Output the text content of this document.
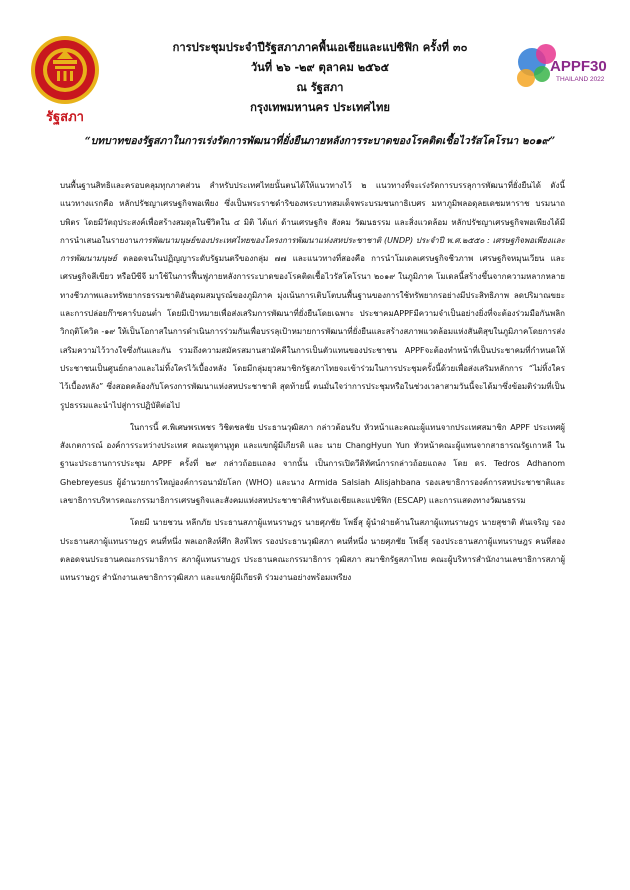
รัฐสภา
APPF30
THAILAND 2022
การประชุมประจำปีรัฐสภาภาคพื้นเอเชียและแปซิฟิก ครั้งที่ ๓๐
วันที่ ๒๖ -๒๙ ตุลาคม ๒๕๖๕
ณ รัฐสภา
กรุงเทพมหานคร ประเทศไทย
“บทบาทของรัฐสภาในการเร่งรัดการพัฒนาที่ยั่งยืนภายหลังการระบาดของโรคติดเชื้อไวรัสโคโรนา ๒๐๑๙”

บนพื้นฐานสิทธิและครอบคลุมทุกภาคส่วน สำหรับประเทศไทยนั้นตนได้ให้แนวทางไว้ ๒ แนวทางที่จะเร่งรัดการบรรลุการพัฒนาที่ยั่งยืนได้ ดังนี้ แนวทางแรกคือ หลักปรัชญาเศรษฐกิจพอเพียง ซึ่งเป็นพระราชดำริของพระบาทสมเด็จพระบรมชนกาธิเบศร มหาภูมิพลอดุลยเดชมหาราช บรมนาถบพิตร โดยมีวัตถุประสงค์เพื่อสร้างสมดุลในชีวิตใน ๔ มิติ ได้แก่ ด้านเศรษฐกิจ สังคม วัฒนธรรม และสิ่งแวดล้อม หลักปรัชญาเศรษฐกิจพอเพียงได้มีการนำเสนอในรายงานการพัฒนามนุษย์ของประเทศไทยของโครงการพัฒนาแห่งสหประชาชาติ (UNDP) ประจำปี พ.ศ.๒๕๕๐ : เศรษฐกิจพอเพียงและการพัฒนามนุษย์ ตลอดจนในปฏิญญาระดับรัฐมนตรีของกลุ่ม ๗๗ และแนวทางที่สองคือ การนำโมเดลเศรษฐกิจชีวภาพ เศรษฐกิจหมุนเวียน และเศรษฐกิจสีเขียว หรือบีซีจี มาใช้ในการฟื้นฟูภายหลังการระบาดของโรคติดเชื้อไวรัสโคโรนา ๒๐๑๙ ในภูมิภาค โมเดลนี้สร้างขึ้นจากความหลากหลายทางชีวภาพและทรัพยากรธรรมชาติอันอุดมสมบูรณ์ของภูมิภาค มุ่งเน้นการเติบโตบนพื้นฐานของการใช้ทรัพยากรอย่างมีประสิทธิภาพ ลดปริมาณขยะ และการปล่อยก๊าซคาร์บอนต่ำ โดยมีเป้าหมายเพื่อส่งเสริมการพัฒนาที่ยั่งยืนโดยเฉพาะ ประชาคมAPPFมีความจำเป็นอย่างยิ่งที่จะต้องร่วมมือกันพลิกวิกฤติโควิด -๑๙ ให้เป็นโอกาสในการดำเนินการร่วมกันเพื่อบรรลุเป้าหมายการพัฒนาที่ยั่งยืนและสร้างสภาพแวดล้อมแห่งสันติสุขในภูมิภาคโดยการส่งเสริมความไว้วางใจซึ่งกันและกัน รวมถึงความสมัครสมานสามัคคีในการเป็นตัวแทนของประชาชน APPFจะต้องทำหน้าที่เป็นประชาคมที่กำหนดให้ประชาชนเป็นศูนย์กลางและไม่ทิ้งใครไว้เบื้องหลัง โดยมีกลุ่มยุวสมาชิกรัฐสภาไทยจะเข้าร่วมในการประชุมครั้งนี้ด้วยเพื่อส่งเสริมหลักการ “ไม่ทิ้งใครไว้เบื้องหลัง” ซึ่งสอดคล้องกับโครงการพัฒนาแห่งสหประชาชาติ สุดท้ายนี้ ตนมั่นใจว่าการประชุมหรือในช่วงเวลาสามวันนี้จะได้มาซึ่งข้อมติร่วมที่เป็นรูปธรรมและนำไปสู่การปฏิบัติต่อไป

ในการนี้ ศ.พิเศษพรเพชร วิชิตชลชัย ประธานวุฒิสภา กล่าวต้อนรับ หัวหน้าและคณะผู้แทนจากประเทศสมาชิก APPF ประเทศผู้สังเกตการณ์ องค์การระหว่างประเทศ คณะทูตานุทูต และแขกผู้มีเกียรติ และ นาย ChangHyun Yun หัวหน้าคณะผู้แทนจากสาธารณรัฐเกาหลี ในฐานะประธานการประชุม APPF ครั้งที่ ๒๙ กล่าวถ้อยแถลง จากนั้น เป็นการเปิดวีดิทัศน์การกล่าวถ้อยแถลง โดย ดร. Tedros Adhanom Ghebreyesus ผู้อำนวยการใหญ่องค์การอนามัยโลก (WHO) และนาง Armida Salsiah Alisjahbana รองเลขาธิการองค์การสหประชาชาติและเลขาธิการบริหารคณะกรรมาธิการเศรษฐกิจและสังคมแห่งสหประชาชาติสำหรับเอเชียและแปซิฟิก (ESCAP) และการแสดงทางวัฒนธรรม

โดยมี นายชวน หลีกภัย ประธานสภาผู้แทนราษฎร นายศุภชัย โพธิ์สุ ผู้นำฝ่ายค้านในสภาผู้แทนราษฎร นายสุชาติ ตันเจริญ รองประธานสภาผู้แทนราษฎร คนที่หนึ่ง พลเอกสิงห์ศึก สิงห์ไพร รองประธานวุฒิสภา คนที่หนึ่ง นายศุภชัย โพธิ์สุ รองประธานสภาผู้แทนราษฎร คนที่สอง ตลอดจนประธานคณะกรรมาธิการ สภาผู้แทนราษฎร ประธานคณะกรรมาธิการ วุฒิสภา สมาชิกรัฐสภาไทย คณะผู้บริหารสำนักงานเลขาธิการสภาผู้แทนราษฎร สำนักงานเลขาธิการวุฒิสภา และแขกผู้มีเกียรติ ร่วมงานอย่างพร้อมเพรียง
